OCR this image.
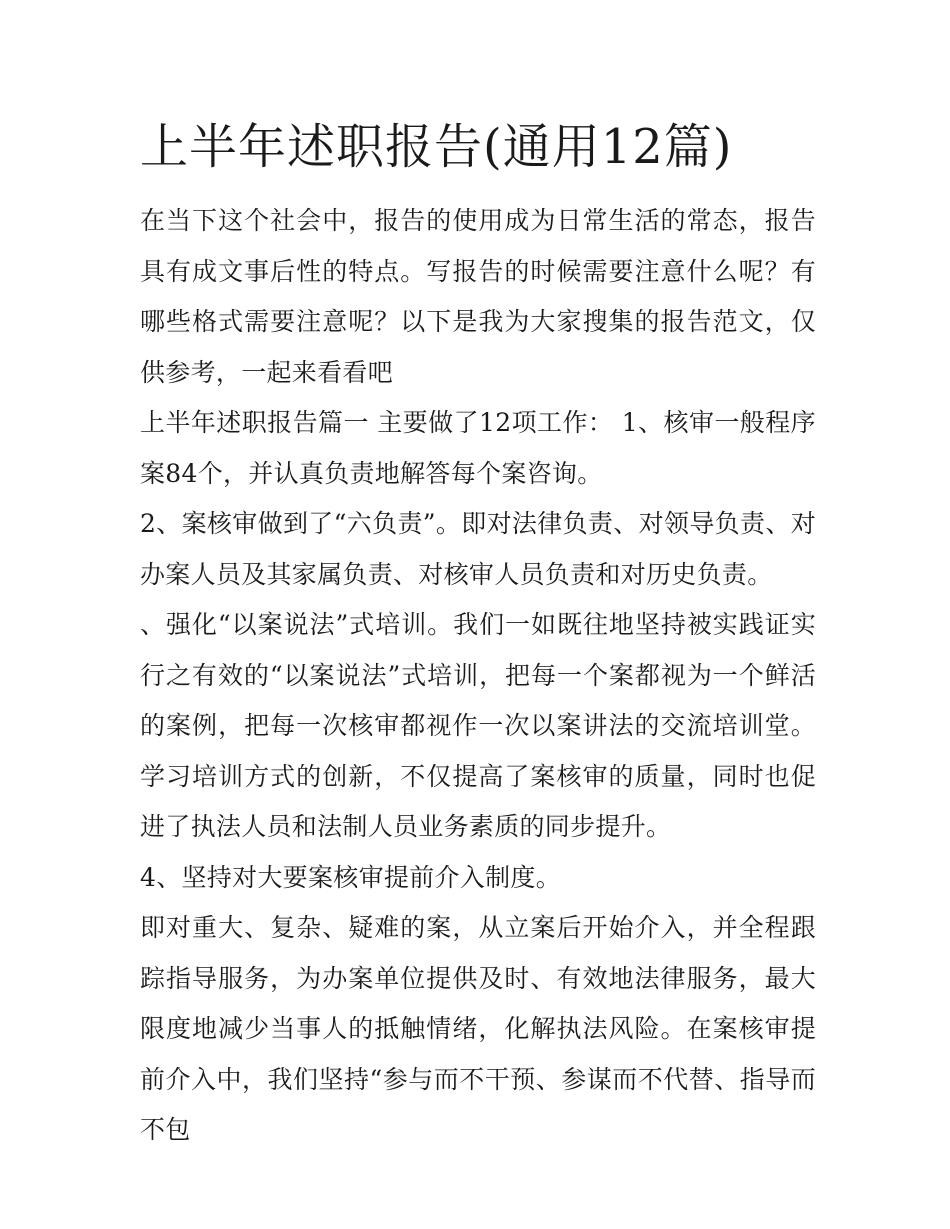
上半年述职报告(通用12篇)

在当下这个社会中，报告的使用成为日常生活的常态，报告具有成文事后性的特点。写报告的时候需要注意什么呢？有哪些格式需要注意呢？以下是我为大家搜集的报告范文，仅供参考，一起来看看吧

上半年述职报告篇一 主要做了12项工作： 1、核审一般程序案84个，并认真负责地解答每个案咨询。

2、案核审做到了“六负责”。即对法律负责、对领导负责、对办案人员及其家属负责、对核审人员负责和对历史负责。

、强化“以案说法”式培训。我们一如既往地坚持被实践证实行之有效的“以案说法”式培训，把每一个案都视为一个鲜活的案例，把每一次核审都视作一次以案讲法的交流培训堂。学习培训方式的创新，不仅提高了案核审的质量，同时也促进了执法人员和法制人员业务素质的同步提升。

4、坚持对大要案核审提前介入制度。

即对重大、复杂、疑难的案，从立案后开始介入，并全程跟踪指导服务，为办案单位提供及时、有效地法律服务，最大限度地减少当事人的抵触情绪，化解执法风险。在案核审提前介入中，我们坚持“参与而不干预、参谋而不代替、指导而不包
